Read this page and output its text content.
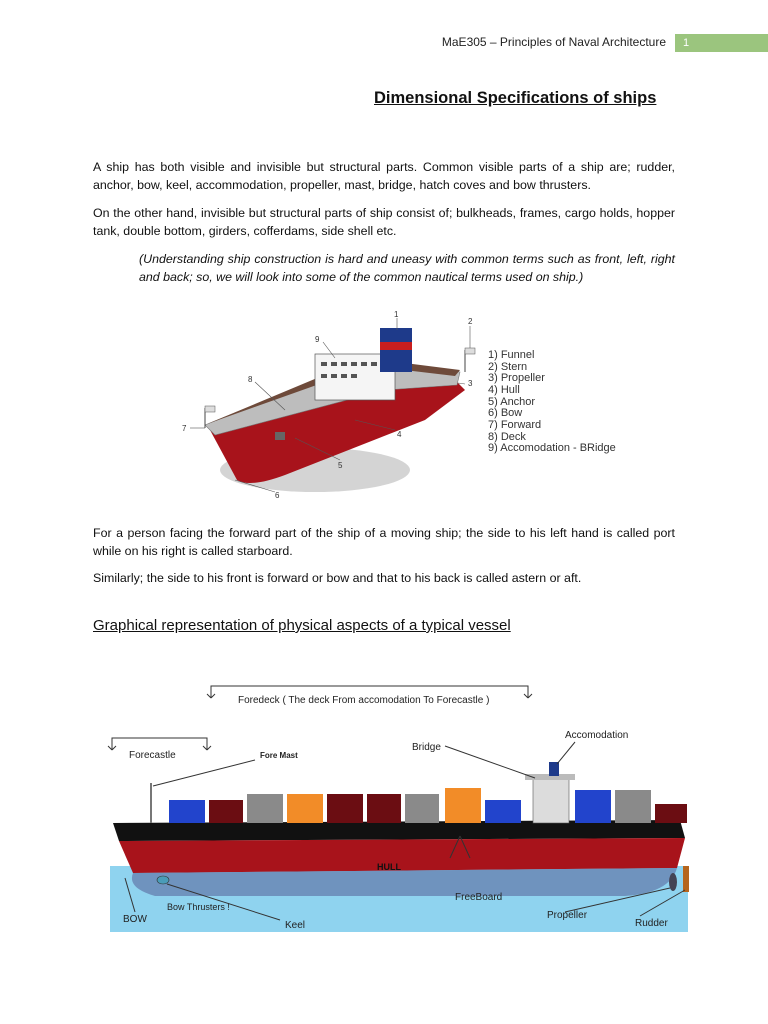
MaE305 – Principles of Naval Architecture	1
Dimensional Specifications of ships
A ship has both visible and invisible but structural parts. Common visible parts of a ship are; rudder, anchor, bow, keel, accommodation, propeller, mast, bridge, hatch coves and bow thrusters.
On the other hand, invisible but structural parts of ship consist of; bulkheads, frames, cargo holds, hopper tank, double bottom, girders, cofferdams, side shell etc.
(Understanding ship construction is hard and uneasy with common terms such as front, left, right and back; so, we will look into some of the common nautical terms used on ship.)
1
2
3
4
5
6
7
8
9
1) Funnel
2) Stern
3) Propeller
4) Hull
5) Anchor
6) Bow
7) Forward
8) Deck
9) Accomodation - BRidge
For a person facing the forward part of the ship of a moving ship; the side to his left hand is called port while on his right is called starboard.
Similarly; the side to his front is forward or bow and that to his back is called astern or aft.
Graphical representation of physical aspects of a typical vessel
Foredeck ( The deck From accomodation To Forecastle )
Forecastle	Fore Mast
Bridge
Accomodation
HULL
FreeBoard
BOW
Bow Thrusters !
Keel
Propeller
Rudder
